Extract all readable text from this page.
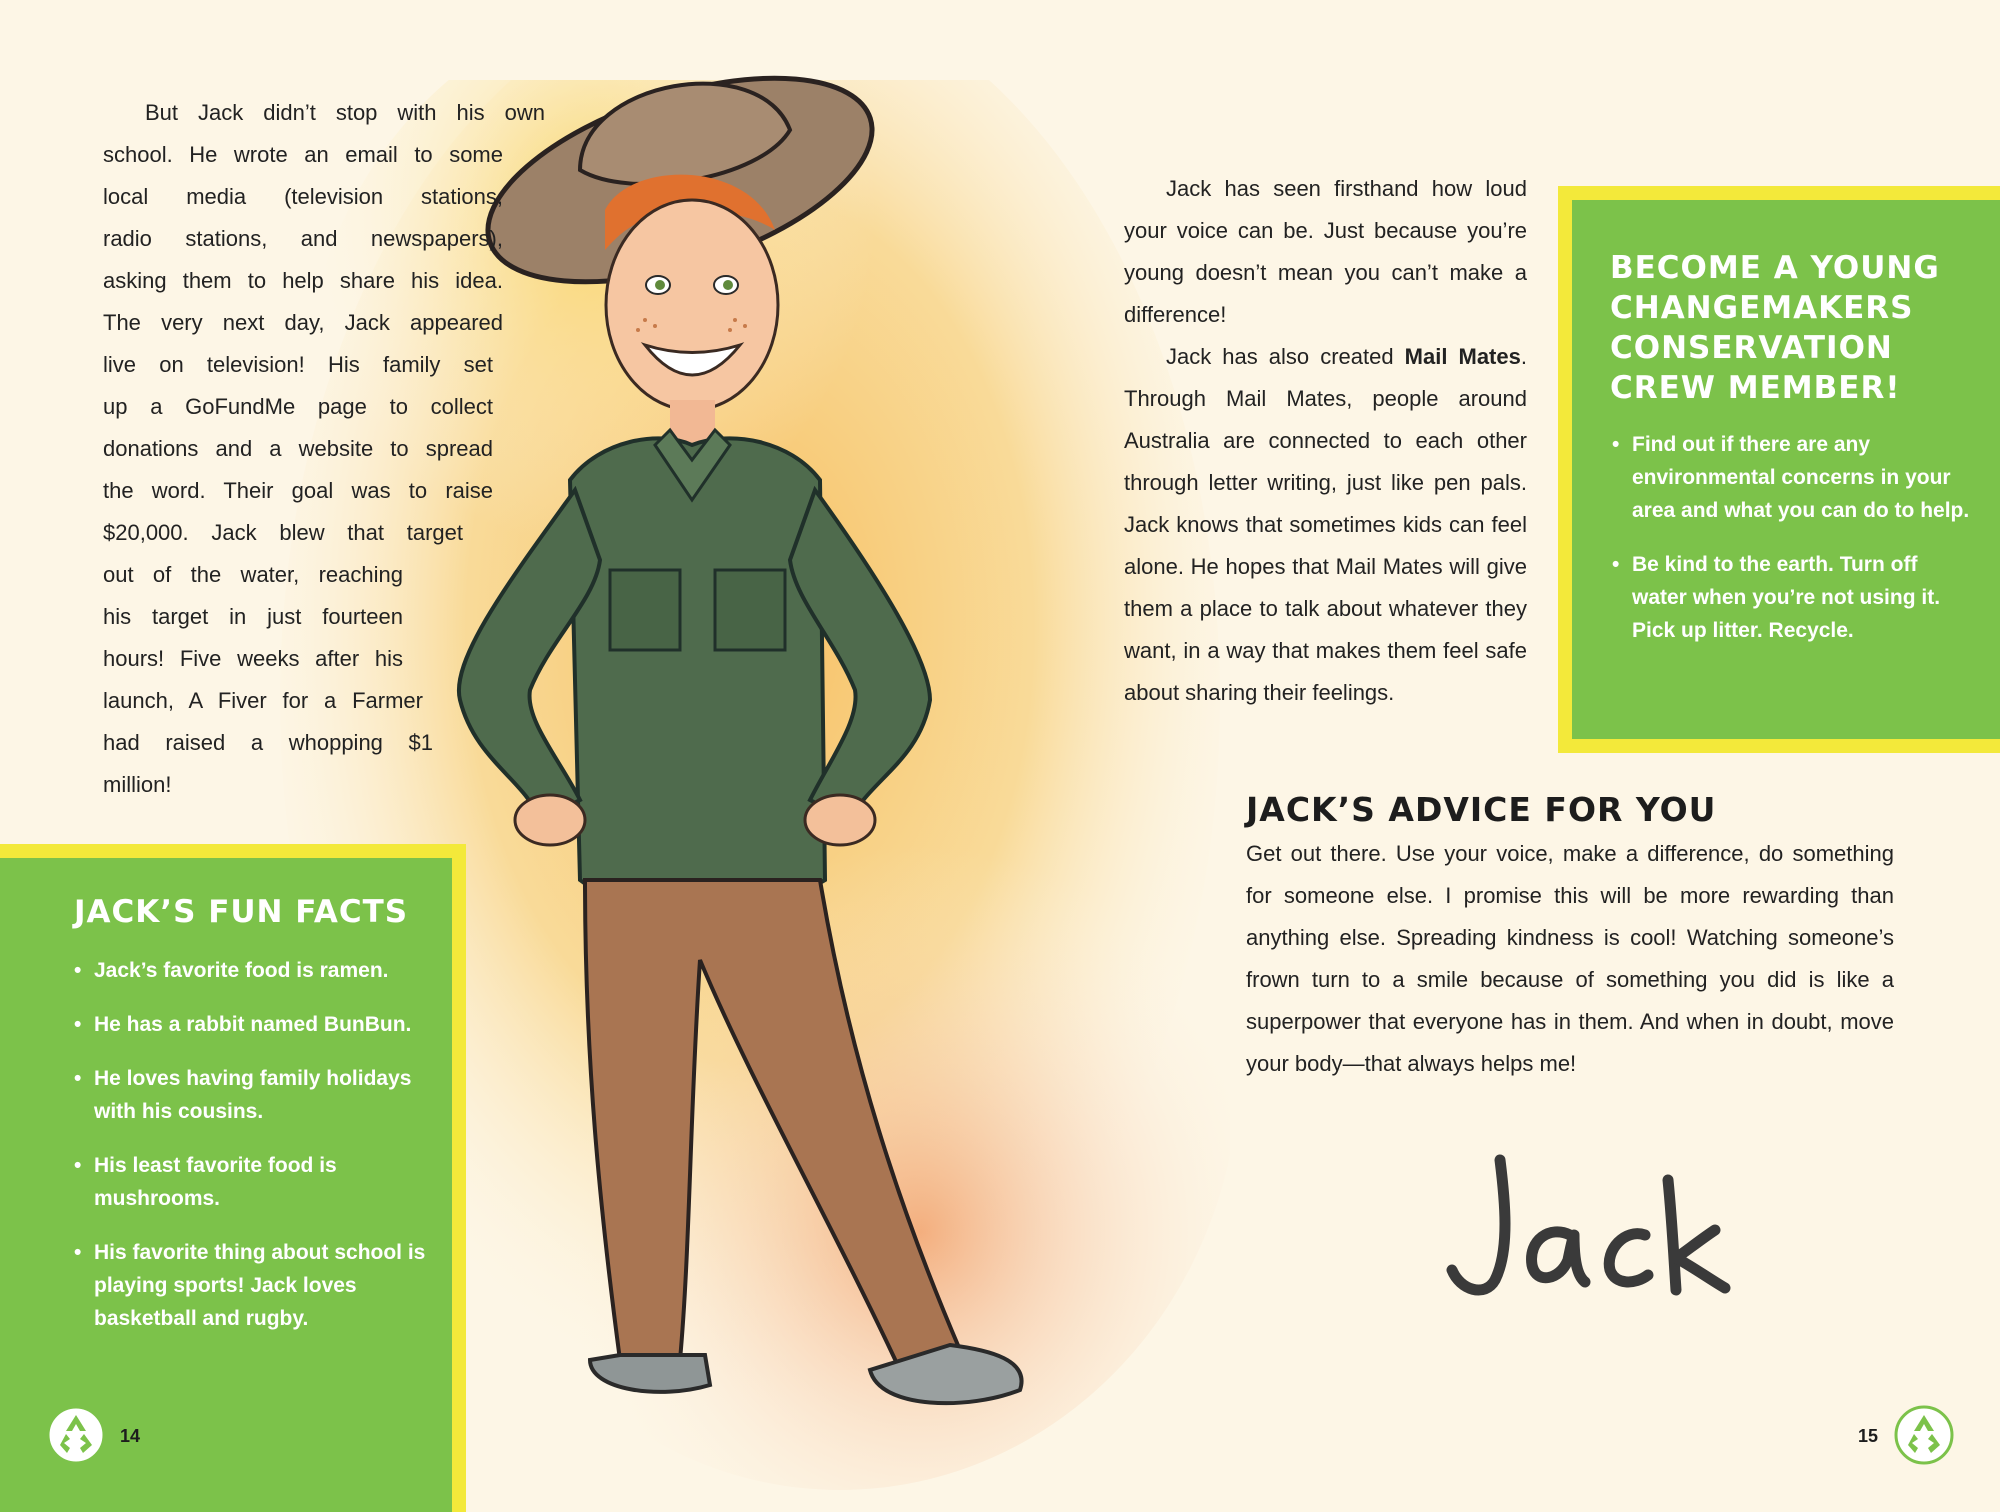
But Jack didn’t stop with his own
school. He wrote an email to some
local media (television stations,
radio stations, and newspapers),
asking them to help share his idea.
The very next day, Jack appeared
live on television! His family set
up a GoFundMe page to collect
donations and a website to spread
the word. Their goal was to raise
$20,000. Jack blew that target
out of the water, reaching
his target in just fourteen
hours! Five weeks after his
launch, A Fiver for a Farmer
had raised a whopping $1
million!

Jack has seen firsthand how loud your voice can be. Just because you’re young doesn’t mean you can’t make a difference!

Jack has also created Mail Mates. Through Mail Mates, people around Australia are connected to each other through letter writing, just like pen pals. Jack knows that sometimes kids can feel alone. He hopes that Mail Mates will give them a place to talk about whatever they want, in a way that makes them feel safe about sharing their feelings.

BECOME A YOUNG CHANGEMAKERS CONSERVATION CREW MEMBER!
• Find out if there are any environmental concerns in your area and what you can do to help.
• Be kind to the earth. Turn off water when you’re not using it. Pick up litter. Recycle.
JACK’S ADVICE FOR YOU

Get out there. Use your voice, make a difference, do something for someone else. I promise this will be more rewarding than anything else. Spreading kindness is cool! Watching someone’s frown turn to a smile because of something you did is like a superpower that everyone has in them. And when in doubt, move your body—that always helps me!

JACK’S FUN FACTS
• Jack’s favorite food is ramen.
• He has a rabbit named BunBun.
• He loves having family holidays with his cousins.
• His least favorite food is mushrooms.
• His favorite thing about school is playing sports! Jack loves basketball and rugby.
14	15
